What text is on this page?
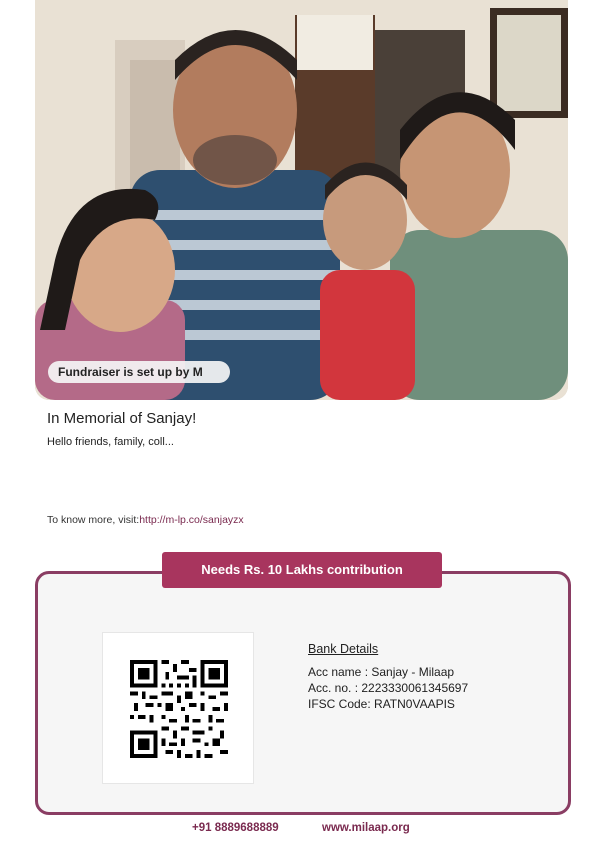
Fundraiser is set up by M
In Memorial of Sanjay!
Hello friends, family, coll...
To know more, visit:http://m-lp.co/sanjayzx
Needs Rs. 10 Lakhs contribution
Bank Details
Acc name : Sanjay - Milaap
Acc. no. : 2223330061345697
IFSC Code: RATN0VAAPIS
+91 8889688889	www.milaap.org
